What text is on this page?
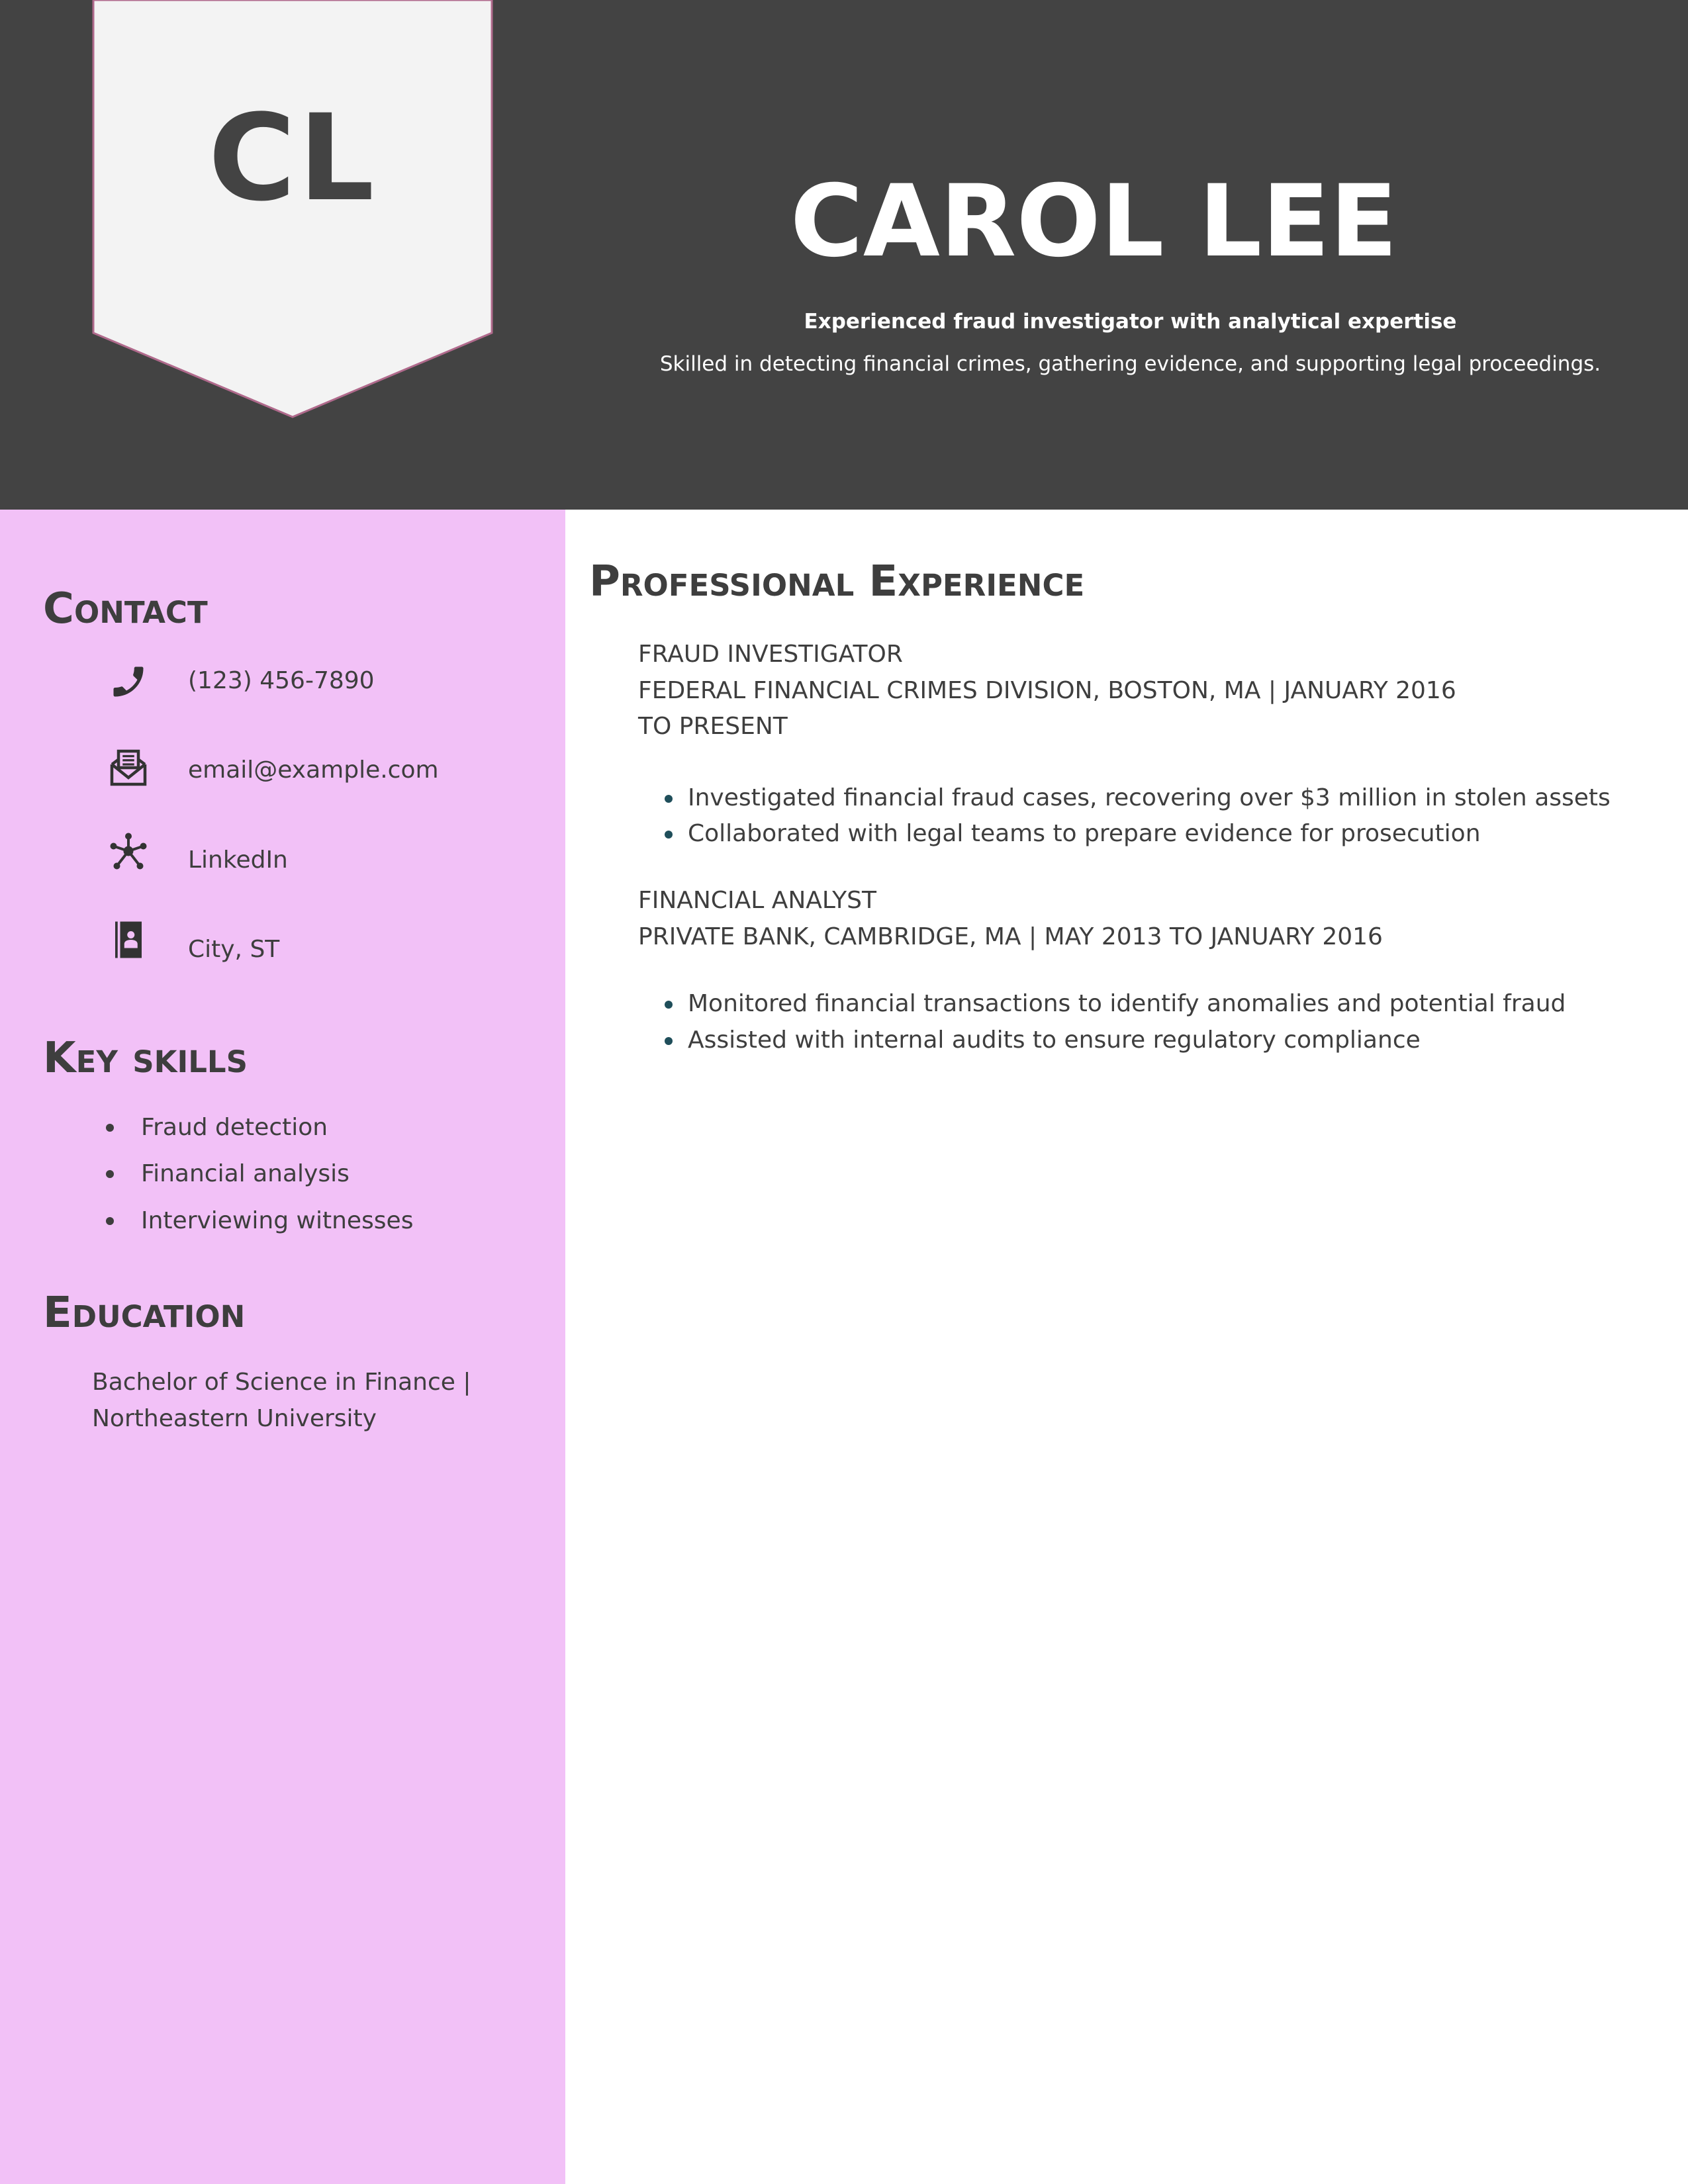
CL	CAROL LEE
Experienced fraud investigator with analytical expertise
Skilled in detecting financial crimes, gathering evidence, and supporting legal proceedings.
Contact
(123) 456-7890
email@example.com
LinkedIn
City, ST
Key skills
Fraud detection
Financial analysis
Interviewing witnesses
Education
Bachelor of Science in Finance |
Northeastern University
Professional Experience
FRAUD INVESTIGATOR
FEDERAL FINANCIAL CRIMES DIVISION, BOSTON, MA | JANUARY 2016 TO PRESENT
Investigated financial fraud cases, recovering over $3 million in stolen assets
Collaborated with legal teams to prepare evidence for prosecution
FINANCIAL ANALYST
PRIVATE BANK, CAMBRIDGE, MA | MAY 2013 TO JANUARY 2016
Monitored financial transactions to identify anomalies and potential fraud
Assisted with internal audits to ensure regulatory compliance
